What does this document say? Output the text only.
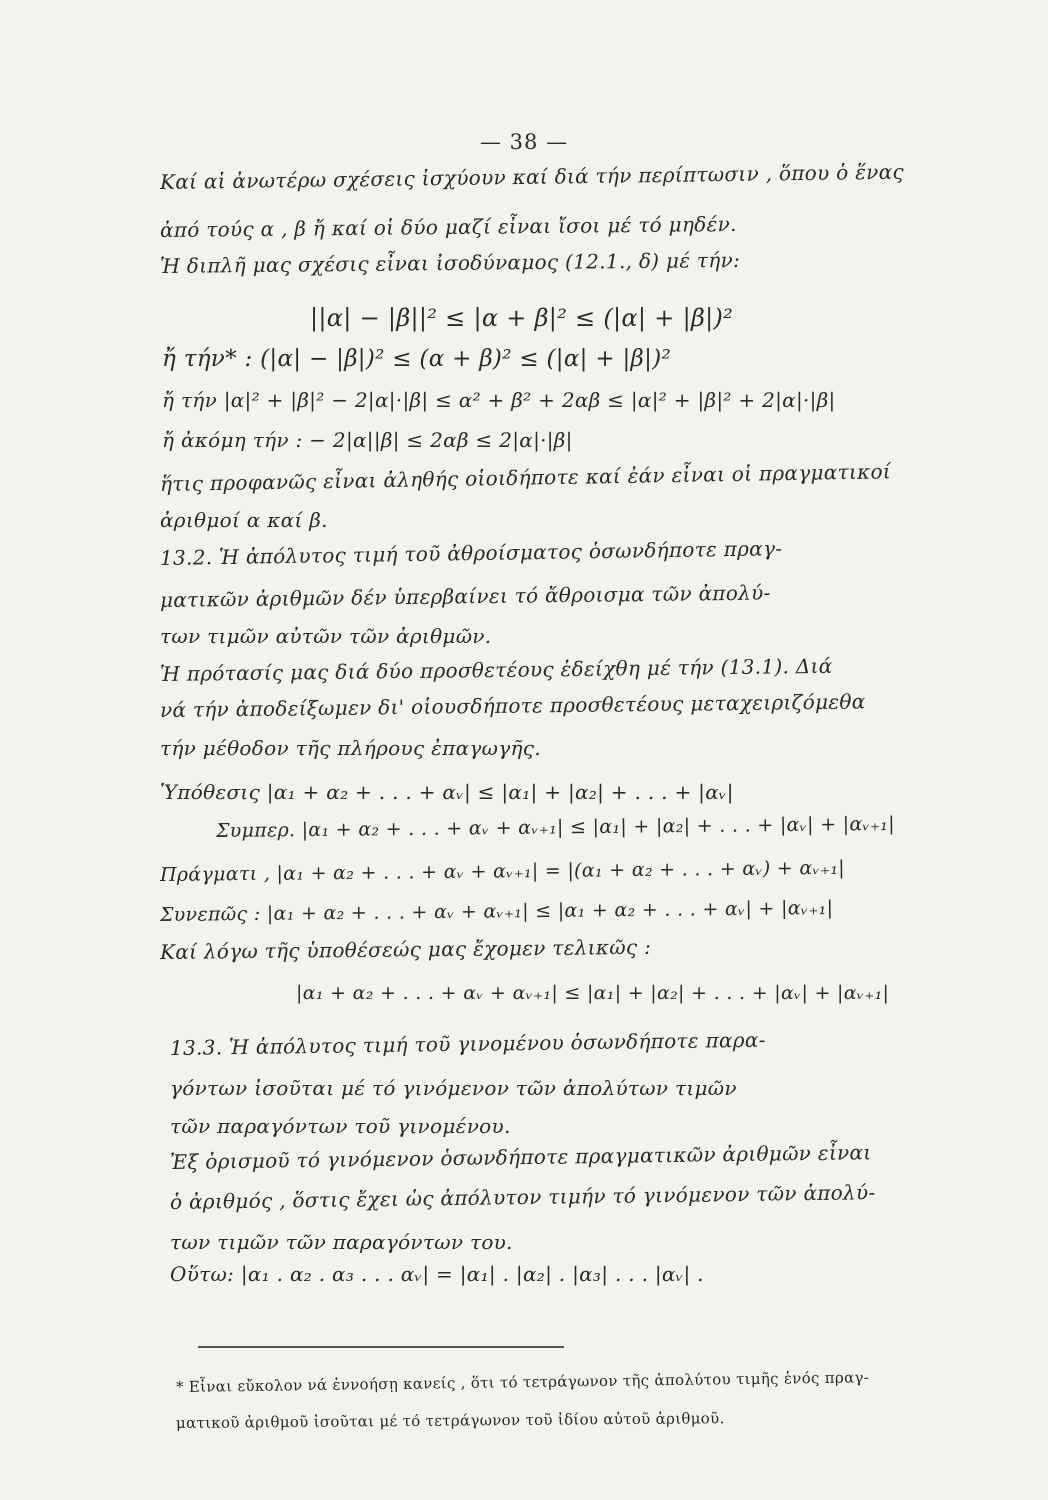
— 38 —
Καί αἱ ἀνωτέρω σχέσεις ἰσχύουν καί διά τήν περίπτωσιν , ὅπου ὁ ἕνας
ἀπό τούς α , β ἤ καί οἱ δύο μαζί εἶναι ἴσοι μέ τό μηδέν.
Ἡ διπλῆ μας σχέσις εἶναι ἰσοδύναμος (12.1., δ) μέ τήν:
||α| − |β||² ≤ |α + β|² ≤ (|α| + |β|)²
ἤ τήν* : (|α| − |β|)² ≤ (α + β)² ≤ (|α| + |β|)²
ἤ τήν |α|² + |β|² − 2|α|·|β| ≤ α² + β² + 2αβ ≤ |α|² + |β|² + 2|α|·|β|
ἤ ἀκόμη τήν : − 2|α||β| ≤ 2αβ ≤ 2|α|·|β|
ἥτις προφανῶς εἶναι ἀληθής οἱοιδήποτε καί ἐάν εἶναι οἱ πραγματικοί
ἀριθμοί α καί β.
13.2. Ἡ ἀπόλυτος τιμή τοῦ ἀθροίσματος ὁσωνδήποτε πραγ-
ματικῶν ἀριθμῶν δέν ὑπερβαίνει τό ἄθροισμα τῶν ἀπολύ-
των τιμῶν αὐτῶν τῶν ἀριθμῶν.
Ἡ πρότασίς μας διά δύο προσθετέους ἐδείχθη μέ τήν (13.1). Διά
νά τήν ἀποδείξωμεν δι' οἱουσδήποτε προσθετέους μεταχειριζόμεθα
τήν μέθοδον τῆς πλήρους ἐπαγωγῆς.
Ὑπόθεσις |α₁ + α₂ + . . . + αᵥ| ≤ |α₁| + |α₂| + . . . + |αᵥ|
Συμπερ. |α₁ + α₂ + . . . + αᵥ + αᵥ₊₁| ≤ |α₁| + |α₂| + . . . + |αᵥ| + |αᵥ₊₁|
Πράγματι , |α₁ + α₂ + . . . + αᵥ + αᵥ₊₁| = |(α₁ + α₂ + . . . + αᵥ) + αᵥ₊₁|
Συνεπῶς : |α₁ + α₂ + . . . + αᵥ + αᵥ₊₁| ≤ |α₁ + α₂ + . . . + αᵥ| + |αᵥ₊₁|
Καί λόγω τῆς ὑποθέσεώς μας ἔχομεν τελικῶς :
|α₁ + α₂ + . . . + αᵥ + αᵥ₊₁| ≤ |α₁| + |α₂| + . . . + |αᵥ| + |αᵥ₊₁|
13.3. Ἡ ἀπόλυτος τιμή τοῦ γινομένου ὁσωνδήποτε παρα-
γόντων ἰσοῦται μέ τό γινόμενον τῶν ἀπολύτων τιμῶν
τῶν παραγόντων τοῦ γινομένου.
Ἐξ ὁρισμοῦ τό γινόμενον ὁσωνδήποτε πραγματικῶν ἀριθμῶν εἶναι
ὁ ἀριθμός , ὅστις ἔχει ὡς ἀπόλυτον τιμήν τό γινόμενον τῶν ἀπολύ-
των τιμῶν τῶν παραγόντων του.
Οὕτω: |α₁ . α₂ . α₃ . . . αᵥ| = |α₁| . |α₂| . |α₃| . . . |αᵥ| .
* Εἶναι εὔκολον νά ἐννοήσῃ κανείς , ὅτι τό τετράγωνον τῆς ἀπολύτου τιμῆς ἑνός πραγ-
ματικοῦ ἀριθμοῦ ἰσοῦται μέ τό τετράγωνον τοῦ ἰδίου αὐτοῦ ἀριθμοῦ.
